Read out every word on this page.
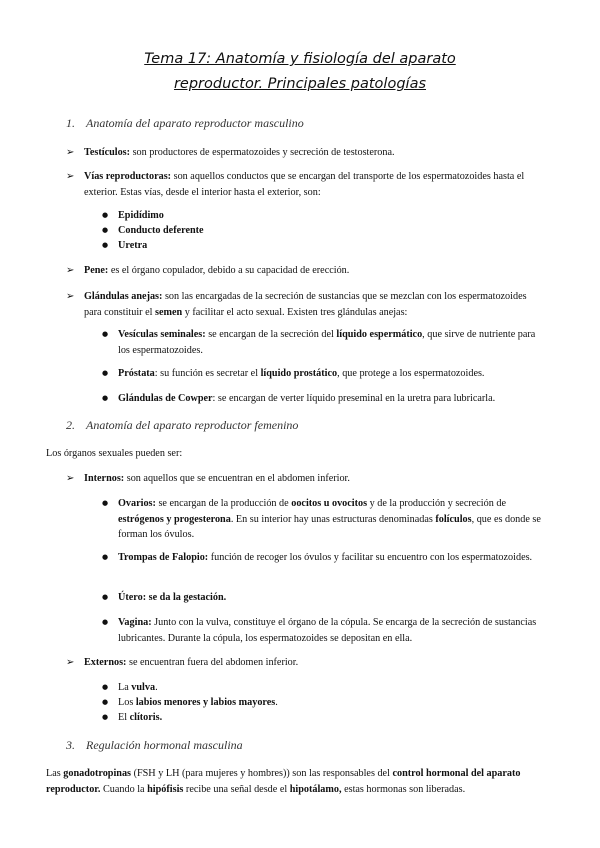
Tema 17: Anatomía y fisiología del aparato
reproductor. Principales patologías
1. Anatomía del aparato reproductor masculino
➢ Testículos: son productores de espermatozoides y secreción de testosterona.
➢ Vías reproductoras: son aquellos conductos que se encargan del transporte de los espermatozoides hasta el exterior. Estas vías, desde el interior hasta el exterior, son:
● Epidídimo
● Conducto deferente
● Uretra
➢ Pene: es el órgano copulador, debido a su capacidad de erección.
➢ Glándulas anejas: son las encargadas de la secreción de sustancias que se mezclan con los espermatozoides para constituir el semen y facilitar el acto sexual. Existen tres glándulas anejas:
● Vesículas seminales: se encargan de la secreción del líquido espermático, que sirve de nutriente para los espermatozoides.
● Próstata: su función es secretar el líquido prostático, que protege a los espermatozoides.
● Glándulas de Cowper: se encargan de verter líquido preseminal en la uretra para lubricarla.
2. Anatomía del aparato reproductor femenino
Los órganos sexuales pueden ser:
➢ Internos: son aquellos que se encuentran en el abdomen inferior.
● Ovarios: se encargan de la producción de oocitos u ovocitos y de la producción y secreción de estrógenos y progesterona. En su interior hay unas estructuras denominadas folículos, que es donde se forman los óvulos.
● Trompas de Falopio: función de recoger los óvulos y facilitar su encuentro con los espermatozoides.
● Útero: se da la gestación.
● Vagina: Junto con la vulva, constituye el órgano de la cópula. Se encarga de la secreción de sustancias lubricantes. Durante la cópula, los espermatozoides se depositan en ella.
➢ Externos: se encuentran fuera del abdomen inferior.
● La vulva.
● Los labios menores y labios mayores.
● El clítoris.
3. Regulación hormonal masculina
Las gonadotropinas (FSH y LH (para mujeres y hombres)) son las responsables del control hormonal del aparato reproductor. Cuando la hipófisis recibe una señal desde el hipotálamo, estas hormonas son liberadas.
